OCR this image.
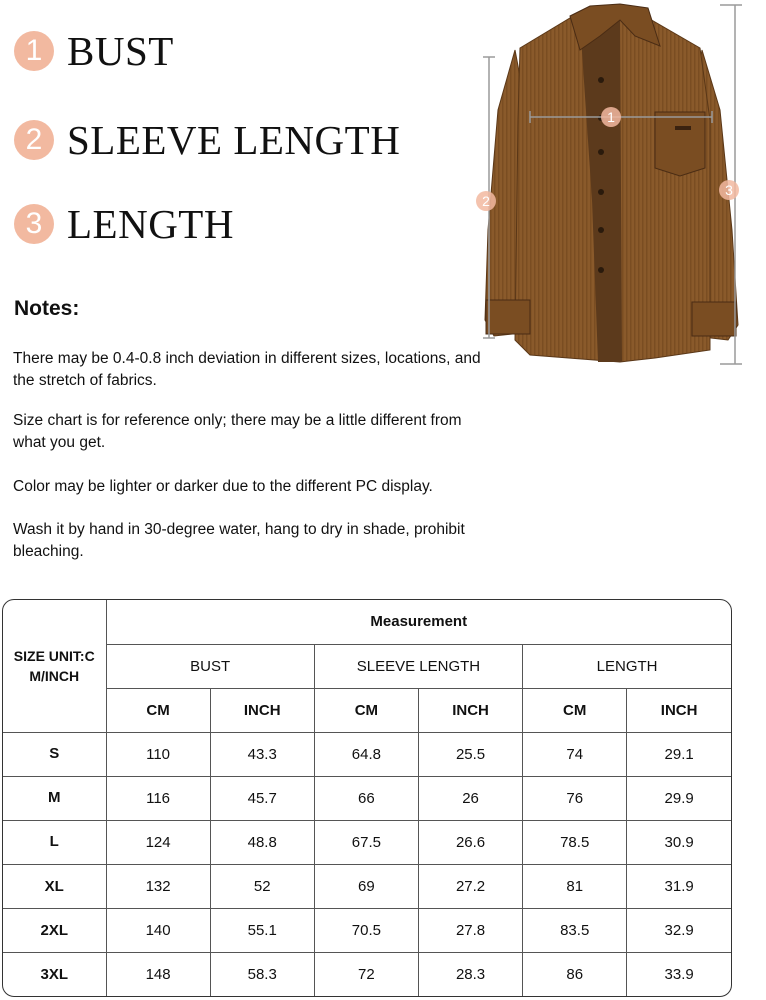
1 BUST
2 SLEEVE LENGTH
3 LENGTH
Notes:
There may be 0.4-0.8 inch deviation in different sizes, locations, and the stretch of fabrics.
Size chart is for reference only; there may be a little different from what you get.
Color may be lighter or darker due to the different PC display.
Wash it by hand in 30-degree water, hang to dry in shade, prohibit bleaching.
1
2
3
SIZE UNIT:CM/INCH	Measurement					
	BUST		SLEEVE LENGTH		LENGTH	
	CM	INCH	CM	INCH	CM	INCH
S	110	43.3	64.8	25.5	74	29.1
M	116	45.7	66	26	76	29.9
L	124	48.8	67.5	26.6	78.5	30.9
XL	132	52	69	27.2	81	31.9
2XL	140	55.1	70.5	27.8	83.5	32.9
3XL	148	58.3	72	28.3	86	33.9
